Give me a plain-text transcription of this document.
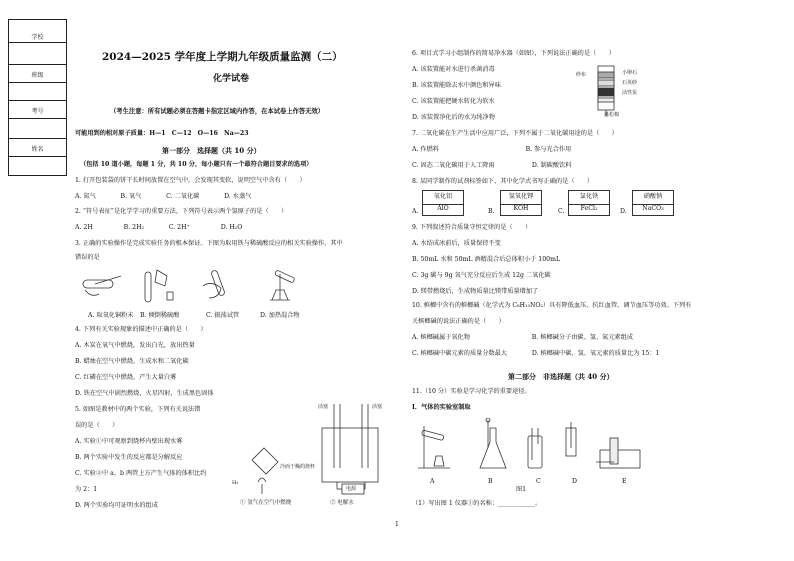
学校
班级
考号
姓名
2024—2025 学年度上学期九年级质量监测（二）
化学试卷
（考生注意：所有试题必须在答题卡指定区域内作答，在本试卷上作答无效）
可能用到的相对原子质量：H—1　C—12　O—16　Na—23
第一部分　选择题（共 10 分）
（包括 10 道小题，每题 1 分，共 10 分，每小题只有一个最符合题目要求的选项）
1. 打开包装袋的饼干长时间放置在空气中，会发现其变软，说明空气中含有（　　）
A. 氮气　　　　B. 氧气　　　　C. 二氧化碳　　　　D. 水蒸气
2. “符号表征”是化学学习的重要方法，下列符号表示两个氢原子的是（　　）
A. 2H　　　　　B. 2H₂　　　　C. 2H⁺　　　　　D. H₂O
3. 正确的实验操作是完成实验任务的根本保证。下图为取用铁与稀硫酸反应的相关实验操作，其中
错误的是
A. 取氧化铜粉末 B. 倾倒稀硫酸	C. 振荡试管	D. 加热混合物
4. 下列有关实验现象的描述中正确的是（　　）
A. 木炭在氧气中燃烧，发出白光，放出热量
B. 蜡烛在空气中燃烧，生成水和二氧化碳
C. 红磷在空气中燃烧，产生大量白雾
D. 铁在空气中剧烈燃烧，火星四射，生成黑色固体
5. 如图是教材中的两个实验，下列有关说法错
误的是（　　）
A. 实验①中可观察到烧杯内壁出现水雾
B. 两个实验中发生的反应都是分解反应
C. 实验②中 a、b 两管上方产生气体的体积比约
为 2：1
D. 两个实验均可证明水的组成
活塞	活塞
冷而干燥的烧杯
H₂
电源
① 氢气在空气中燃烧	② 电解水
6. 项目式学习小组制作的简易净水器（如图），下列说法正确的是（　　）
A. 该装置能对水进行杀菌消毒
B. 该装置能除去水中颜色和异味
C. 该装置能把硬水转化为软水
D. 该装置净化后的水为纯净物
小卵石
石英砂
活性炭
蓬松棉
纱布
7. 二氧化碳在生产生活中应用广泛，下列不属于二氧化碳用途的是（　　）
A. 作燃料　　　　　　　　　　　　　　B. 参与光合作用
C. 固态二氧化碳用于人工降雨　　　　　　D. 制碳酸饮料
8. 某同学制作的试剂标签如下，其中化学式书写正确的是（　　）
A.
氧化铝
AlO	B.
氢氧化钾
KOH	C.
氯化铁
FeCl₂	D.
硝酸钠
NaCO₃
9. 下列叙述符合质量守恒定律的是（　　）
A. 水结成冰前后，质量保持不变
B. 50mL 水和 50mL 酒精混合后总体积小于 100mL
C. 3g 碳与 9g 氧气充分反应后生成 12g 二氧化碳
D. 镁带燃烧后，生成物质量比镁带质量增加了
10. 槟榔中含有的槟榔碱（化学式为 C₈H₁₃NO₂）具有降低血压、抗红血管、调节血压等功效。下列有
关槟榔碱的说法正确的是（　　）
A. 槟榔碱属于氧化物　　　　　　　　　　B. 槟榔碱分子由碳、氢、氮元素组成
C. 槟榔碱中碳元素的质量分数最大　　　　D. 槟榔碱中碳、氢、氧元素的质量比为 15：1
第二部分　非选择题（共 40 分）
11.（10 分）实验是学习化学的重要途径。
Ⅰ．气体的实验室制取
A	B	C	D	E
图1
（1）写出图 1 仪器①的名称：____________。
1
